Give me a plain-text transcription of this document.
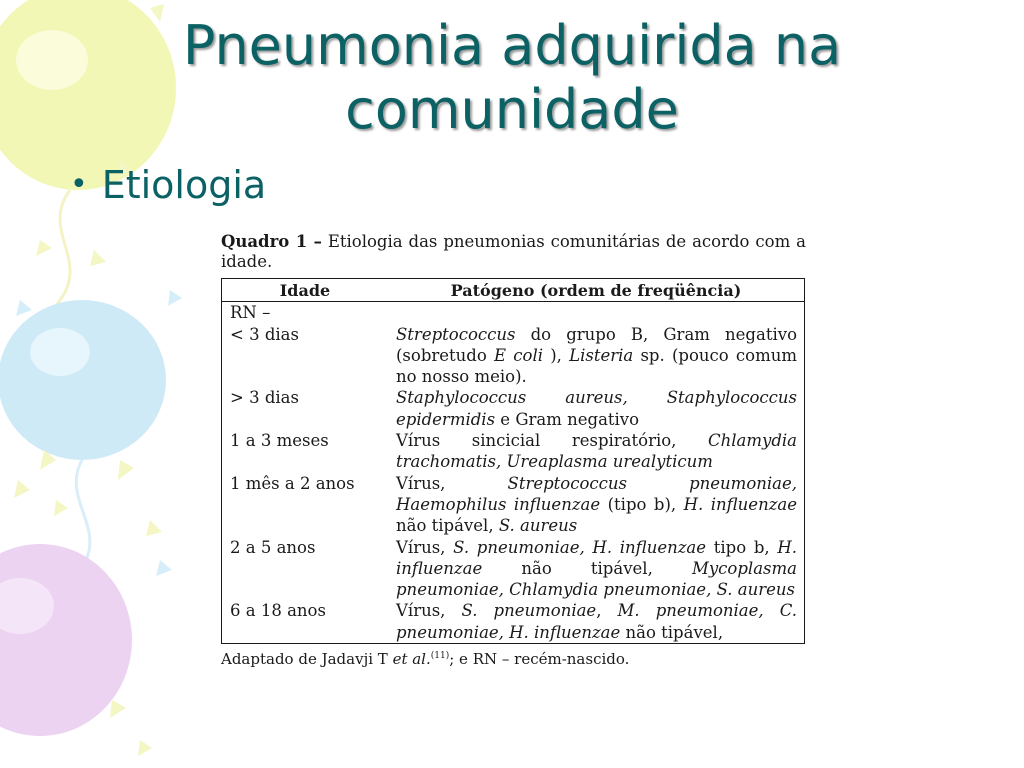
Pneumonia adquirida na
comunidade
• Etiologia

Quadro 1 – Etiologia das pneumonias comunitárias de acordo com a idade.

Idade	Patógeno (ordem de freqüência)
RN –	
< 3 dias	Streptococcus do grupo B, Gram negativo (sobretudo E coli ), Listeria sp. (pouco comum no nosso meio).
> 3 dias	Staphylococcus aureus, Staphylococcus epidermidis e Gram negativo
1 a 3 meses	Vírus sincicial respiratório, Chlamydia trachomatis, Ureaplasma urealyticum
1 mês a 2 anos	Vírus, Streptococcus pneumoniae, Haemophilus influenzae (tipo b), H. influenzae não tipável, S. aureus
2 a 5 anos	Vírus, S. pneumoniae, H. influenzae tipo b, H. influenzae não tipável, Mycoplasma pneumoniae, Chlamydia pneumoniae, S. aureus
6 a 18 anos	Vírus, S. pneumoniae, M. pneumoniae, C. pneumoniae, H. influenzae não tipável,
Adaptado de Jadavji T et al.$^{(11)}$; e RN – recém-nascido.
